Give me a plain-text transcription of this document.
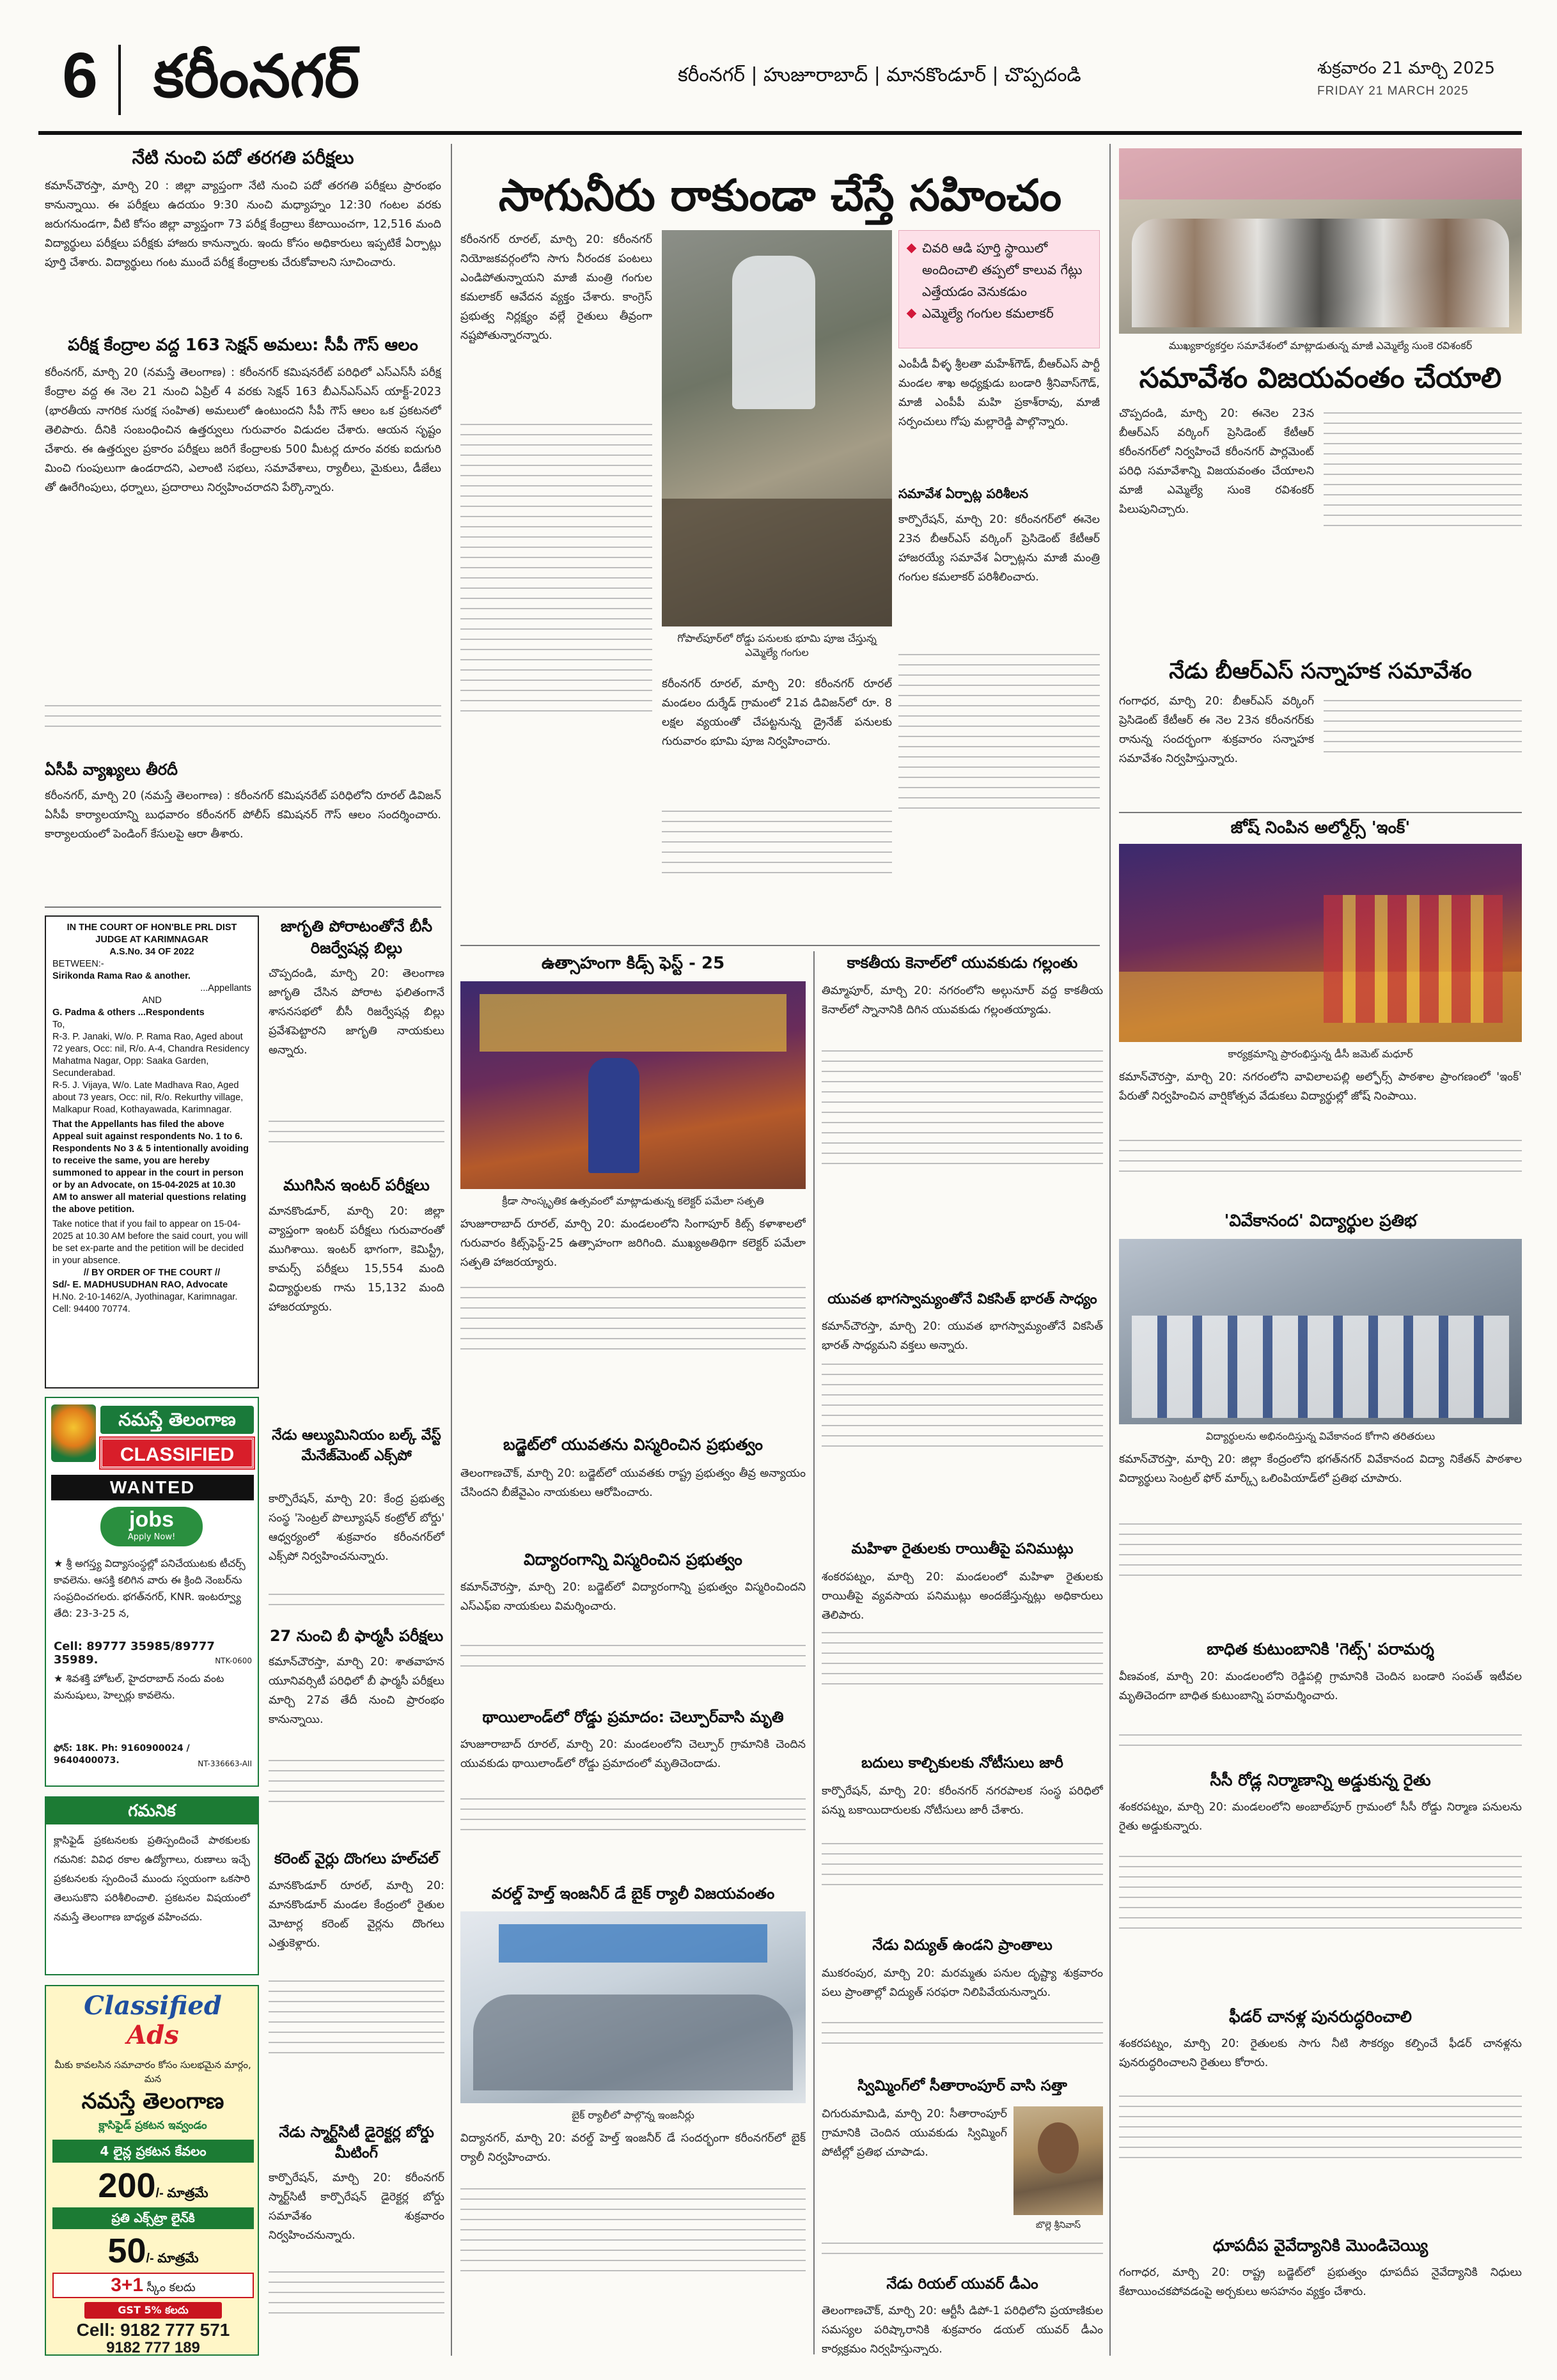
6 కరీంనగర్	కరీంనగర్ | హుజూరాబాద్ | మానకొండూర్ | చొప్పదండి	శుక్రవారం 21 మార్చి 2025
FRIDAY 21 MARCH 2025
నేటి నుంచి పదో తరగతి పరీక్షలు
కమాన్‌చౌరస్తా, మార్చి 20 : జిల్లా వ్యాప్తంగా నేటి నుంచి పదో తరగతి పరీక్షలు ప్రారంభం కానున్నాయి. ఈ పరీక్షలు ఉదయం 9:30 నుంచి మధ్యాహ్నం 12:30 గంటల వరకు జరుగనుండగా, వీటి కోసం జిల్లా వ్యాప్తంగా 73 పరీక్ష కేంద్రాలు కేటాయించగా, 12,516 మంది విద్యార్థులు పరీక్షలు పరీక్షకు హాజరు కానున్నారు. ఇందు కోసం అధికారులు ఇప్పటికే ఏర్పాట్లు పూర్తి చేశారు. విద్యార్థులు గంట ముందే పరీక్ష కేంద్రాలకు చేరుకోవాలని సూచించారు.
పరీక్ష కేంద్రాల వద్ద 163 సెక్షన్ అమలు: సీపీ గౌస్ ఆలం
కరీంనగర్, మార్చి 20 (నమస్తే తెలంగాణ) : కరీంనగర్ కమిషనరేట్ పరిధిలో ఎస్ఎస్‌సీ పరీక్ష కేంద్రాల వద్ద ఈ నెల 21 నుంచి ఏప్రిల్ 4 వరకు సెక్షన్ 163 బీఎన్ఎస్‌ఎస్ యాక్ట్-2023 (భారతీయ నాగరిక సురక్ష సంహిత) అమలులో ఉంటుందని సీపీ గౌస్ ఆలం ఒక ప్రకటనలో తెలిపారు. దీనికి సంబంధించిన ఉత్తర్వులు గురువారం విడుదల చేశారు. ఆయన సృష్టం చేశారు. ఈ ఉత్తర్వుల ప్రకారం పరీక్షలు జరిగే కేంద్రాలకు 500 మీటర్ల దూరం వరకు ఐదుగురి మించి గుంపులుగా ఉండరాదని, ఎలాంటి సభలు, సమావేశాలు, ర్యాలీలు, మైకులు, డీజేలు తో ఊరేగింపులు, ధర్నాలు, ప్రదారాలు నిర్వహించరాదని పేర్కొన్నారు.
ఏసీపీ వ్యాఖ్యలు తీరదీ
కరీంనగర్, మార్చి 20 (నమస్తే తెలంగాణ) : కరీంనగర్ కమిషనరేట్ పరిధిలోని రూరల్ డివిజన్ ఏసీపీ కార్యాలయాన్ని బుధవారం కరీంనగర్ పోలీస్ కమిషనర్ గౌస్ ఆలం సందర్శించారు. కార్యాలయంలో పెండింగ్ కేసులపై ఆరా తీశారు.
IN THE COURT OF HON'BLE PRL DIST JUDGE AT KARIMNAGAR
A.S.No. 34 OF 2022
BETWEEN:-
Sirikonda Rama Rao & another.
...Appellants
AND
G. Padma & others ...Respondents
To,
R-3. P. Janaki, W/o. P. Rama Rao, Aged about 72 years, Occ: nil, R/o. A-4, Chandra Residency Mahatma Nagar, Opp: Saaka Garden, Secunderabad.
R-5. J. Vijaya, W/o. Late Madhava Rao, Aged about 73 years, Occ: nil, R/o. Rekurthy village, Malkapur Road, Kothayawada, Karimnagar.
That the Appellants has filed the above Appeal suit against respondents No. 1 to 6. Respondents No 3 & 5 intentionally avoiding to receive the same, you are hereby summoned to appear in the court in person or by an Advocate, on 15-04-2025 at 10.30 AM to answer all material questions relating the above petition.
Take notice that if you fail to appear on 15-04-2025 at 10.30 AM before the said court, you will be set ex-parte and the petition will be decided in your absence.
// BY ORDER OF THE COURT //
Sd/- E. MADHUSUDHAN RAO, Advocate
H.No. 2-10-1462/A, Jyothinagar, Karimnagar. Cell: 94400 70774.
నమస్తే తెలంగాణ
CLASSIFIED
WANTED
jobs
Apply Now!
★ శ్రీ అగస్త్య విద్యాసంస్థల్లో పనిచేయుటకు టీచర్స్ కావలెను. ఆసక్తి కలిగిన వారు ఈ క్రింది నెంబర్‌ను సంప్రదించగలరు. భగత్‌నగర్, KNR. ఇంటర్వ్యూ తేది: 23-3-25 న,
Cell: 89777 35985/89777 35989.	NTK-0600
★ శివశక్తి హోటల్, హైదరాబాద్ నందు వంట మనుషులు, హెల్పర్లు కావలెను.
ఫోన్: 18K. Ph: 9160900024 / 9640400073.	NT-336663-AII
గమనిక
క్లాసిఫైడ్ ప్రకటనలకు ప్రతిస్పందించే పాఠకులకు గమనిక: వివిధ రకాల ఉద్యోగాలు, రుణాలు ఇచ్చే ప్రకటనలకు స్పందించే ముందు స్వయంగా ఒకసారి తెలుసుకొని పరిశీలించాలి. ప్రకటనల విషయంలో నమస్తే తెలంగాణ బాధ్యత వహించదు.
Classified
Ads
మీకు కావలసిన సమాచారం కోసం సులభమైన మార్గం, మన
నమస్తే తెలంగాణ
క్లాసిఫైడ్ ప్రకటన ఇవ్వండం
4 లైన్ల ప్రకటన కేవలం
200/- మాత్రమే
ప్రతి ఎక్స్‌ట్రా లైన్‌కి
50/- మాత్రమే
3+1 స్కీం కలదు
GST 5% కలదు
Cell: 9182 777 571
9182 777 189
జాగృతి పోరాటంతోనే బీసీ రిజర్వేషన్ల బిల్లు
చొప్పదండి, మార్చి 20: తెలంగాణ జాగృతి చేసిన పోరాట ఫలితంగానే శాసనసభలో బీసీ రిజర్వేషన్ల బిల్లు ప్రవేశపెట్టారని జాగృతి నాయకులు అన్నారు.
ముగిసిన ఇంటర్ పరీక్షలు
మానకొండూర్, మార్చి 20: జిల్లా వ్యాప్తంగా ఇంటర్ పరీక్షలు గురువారంతో ముగిశాయి. ఇంటర్ భాగంగా, కెమిస్ట్రీ, కామర్స్ పరీక్షలు 15,554 మంది విద్యార్థులకు గాను 15,132 మంది హాజరయ్యారు.
నేడు ఆల్యుమినియం బల్క్ వేస్ట్ మేనేజ్‌మెంట్ ఎక్స్‌పో
కార్పొరేషన్, మార్చి 20: కేంద్ర ప్రభుత్వ సంస్థ 'సెంట్రల్ పొల్యూషన్ కంట్రోల్ బోర్డు' ఆధ్వర్యంలో శుక్రవారం కరీంనగర్‌లో ఎక్స్‌పో నిర్వహించనున్నారు.
27 నుంచి బీ ఫార్మసీ పరీక్షలు
కమాన్‌చౌరస్తా, మార్చి 20: శాతవాహన యూనివర్సిటీ పరిధిలో బీ ఫార్మసీ పరీక్షలు మార్చి 27వ తేదీ నుంచి ప్రారంభం కానున్నాయి.
కరెంట్ వైర్లు దొంగలు హల్‌చల్
మానకొండూర్ రూరల్, మార్చి 20: మానకొండూర్ మండల కేంద్రంలో రైతుల మోటార్ల కరెంట్ వైర్లను దొంగలు ఎత్తుకెళ్లారు.
నేడు స్మార్ట్‌సిటీ డైరెక్టర్ల బోర్డు మీటింగ్
కార్పొరేషన్, మార్చి 20: కరీంనగర్ స్మార్ట్‌సిటీ కార్పొరేషన్ డైరెక్టర్ల బోర్డు సమావేశం శుక్రవారం నిర్వహించనున్నారు.
సాగునీరు రాకుండా చేస్తే సహించం
కరీంనగర్ రూరల్, మార్చి 20: కరీంనగర్ నియోజకవర్గంలోని సాగు నీరందక పంటలు ఎండిపోతున్నాయని మాజీ మంత్రి గంగుల కమలాకర్ ఆవేదన వ్యక్తం చేశారు. కాంగ్రెస్ ప్రభుత్వ నిర్లక్ష్యం వల్లే రైతులు తీవ్రంగా నష్టపోతున్నారన్నారు.
గోపాల్‌పూర్‌లో రోడ్డు పనులకు భూమి పూజ చేస్తున్న ఎమ్మెల్యే గంగుల
చివరి ఆడి పూర్తి స్థాయిలో అందించాలి తప్పలో కాలువ గేట్లు ఎత్తేయడం వెనుకడుం
ఎమ్మెల్యే గంగుల కమలాకర్
ఎంపీడీ వీళ్ళ శ్రీలతా మహేశ్‌గౌడ్, బీఆర్‌ఎస్ పార్టీ మండల శాఖ అధ్యక్షుడు బండారి శ్రీనివాస్‌గౌడ్, మాజీ ఎంపీపీ మహి ప్రకాశ్‌రావు, మాజీ సర్పంచులు గోపు మల్లారెడ్డి పాల్గొన్నారు.
సమావేశ ఏర్పాట్ల పరిశీలన
కార్పొరేషన్, మార్చి 20: కరీంనగర్‌లో ఈనెల 23న బీఆర్‌ఎస్ వర్కింగ్ ప్రెసిడెంట్ కేటీఆర్ హాజరయ్యే సమావేశ ఏర్పాట్లను మాజీ మంత్రి గంగుల కమలాకర్ పరిశీలించారు.
కరీంనగర్ రూరల్, మార్చి 20: కరీంనగర్ రూరల్ మండలం దుర్శేడ్ గ్రామంలో 21వ డివిజన్‌లో రూ. 8 లక్షల వ్యయంతో చేపట్టనున్న డ్రైనేజ్ పనులకు గురువారం భూమి పూజ నిర్వహించారు.
ఉత్సాహంగా కిడ్స్ ఫెస్ట్ - 25
క్రీడా సాంస్కృతిక ఉత్సవంలో మాట్లాడుతున్న కలెక్టర్ పమేలా సత్పతి
హుజూరాబాద్ రూరల్, మార్చి 20: మండలంలోని సింగాపూర్ కిట్స్ కళాశాలలో గురువారం కిట్స్‌ఫెస్ట్-25 ఉత్సాహంగా జరిగింది. ముఖ్యఅతిథిగా కలెక్టర్ పమేలా సత్పతి హాజరయ్యారు.
బడ్జెట్‌లో యువతను విస్మరించిన ప్రభుత్వం
తెలంగాణచౌక్, మార్చి 20: బడ్జెట్‌లో యువతకు రాష్ట్ర ప్రభుత్వం తీవ్ర అన్యాయం చేసిందని బీజేవైఎం నాయకులు ఆరోపించారు.
విద్యారంగాన్ని విస్మరించిన ప్రభుత్వం
కమాన్‌చౌరస్తా, మార్చి 20: బడ్జెట్‌లో విద్యారంగాన్ని ప్రభుత్వం విస్మరించిందని ఎస్ఎఫ్‌ఐ నాయకులు విమర్శించారు.
థాయిలాండ్‌లో రోడ్డు ప్రమాదం: చెల్పూర్‌వాసి మృతి
హుజూరాబాద్ రూరల్, మార్చి 20: మండలంలోని చెల్పూర్ గ్రామానికి చెందిన యువకుడు థాయిలాండ్‌లో రోడ్డు ప్రమాదంలో మృతిచెందాడు.
వరల్డ్ హెల్త్ ఇంజనీర్ డే బైక్ ర్యాలీ విజయవంతం
బైక్ ర్యాలీలో పాల్గొన్న ఇంజనీర్లు
విద్యానగర్, మార్చి 20: వరల్డ్ హెల్త్ ఇంజనీర్ డే సందర్భంగా కరీంనగర్‌లో బైక్ ర్యాలీ నిర్వహించారు.
కాకతీయ కెనాల్‌లో యువకుడు గల్లంతు
తిమ్మాపూర్, మార్చి 20: నగరంలోని అల్గునూర్ వద్ద కాకతీయ కెనాల్‌లో స్నానానికి దిగిన యువకుడు గల్లంతయ్యాడు.
యువత భాగస్వామ్యంతోనే వికసిత్ భారత్ సాధ్యం
కమాన్‌చౌరస్తా, మార్చి 20: యువత భాగస్వామ్యంతోనే వికసిత్ భారత్ సాధ్యమని వక్తలు అన్నారు.
మహిళా రైతులకు రాయితీపై పనిముట్లు
శంకరపట్నం, మార్చి 20: మండలంలో మహిళా రైతులకు రాయితీపై వ్యవసాయ పనిముట్లు అందజేస్తున్నట్లు అధికారులు తెలిపారు.
బదులు కాల్చికులకు నోటీసులు జారీ
కార్పొరేషన్, మార్చి 20: కరీంనగర్ నగరపాలక సంస్థ పరిధిలో పన్ను బకాయిదారులకు నోటీసులు జారీ చేశారు.
నేడు విద్యుత్ ఉండని ప్రాంతాలు
ముకరంపుర, మార్చి 20: మరమ్మతు పనుల దృష్ట్యా శుక్రవారం పలు ప్రాంతాల్లో విద్యుత్ సరఫరా నిలిపివేయనున్నారు.
స్విమ్మింగ్‌లో సీతారాంపూర్ వాసి సత్తా
చిగురుమామిడి, మార్చి 20: సీతారాంపూర్ గ్రామానికి చెందిన యువకుడు స్విమ్మింగ్ పోటీల్లో ప్రతిభ చూపాడు.
బొల్లె శ్రీనివాస్
నేడు రియల్ యువర్ డీఎం
తెలంగాణచౌక్, మార్చి 20: ఆర్టీసీ డిపో-1 పరిధిలోని ప్రయాణికుల సమస్యల పరిష్కారానికి శుక్రవారం డయల్ యువర్ డీఎం కార్యక్రమం నిర్వహిస్తున్నారు.
ముఖ్యకార్యకర్తల సమావేశంలో మాట్లాడుతున్న మాజీ ఎమ్మెల్యే సుంకె రవిశంకర్
సమావేశం విజయవంతం చేయాలి
చొప్పదండి, మార్చి 20: ఈనెల 23న బీఆర్‌ఎస్ వర్కింగ్ ప్రెసిడెంట్ కేటీఆర్ కరీంనగర్‌లో నిర్వహించే కరీంనగర్ పార్లమెంట్ పరిధి సమావేశాన్ని విజయవంతం చేయాలని మాజీ ఎమ్మెల్యే సుంకె రవిశంకర్ పిలుపునిచ్చారు.
నేడు బీఆర్‌ఎస్ సన్నాహక సమావేశం
గంగాధర, మార్చి 20: బీఆర్‌ఎస్ వర్కింగ్ ప్రెసిడెంట్ కేటీఆర్ ఈ నెల 23న కరీంనగర్‌కు రానున్న సందర్భంగా శుక్రవారం సన్నాహక సమావేశం నిర్వహిస్తున్నారు.
జోష్ నింపిన అల్మోర్స్ 'ఇంక్'
కార్యక్రమాన్ని ప్రారంభిస్తున్న డీసీ జమెట్ మధూర్
కమాన్‌చౌరస్తా, మార్చి 20: నగరంలోని వావిలాలపల్లి అల్ఫోర్స్ పాఠశాల ప్రాంగణంలో 'ఇంక్' పేరుతో నిర్వహించిన వార్షికోత్సవ వేడుకలు విద్యార్థుల్లో జోష్ నింపాయి.
'వివేకానంద' విద్యార్థుల ప్రతిభ
విద్యార్థులను అభినందిస్తున్న వివేకానంద కోగాని తరితరులు
కమాన్‌చౌరస్తా, మార్చి 20: జిల్లా కేంద్రంలోని భగత్‌నగర్ వివేకానంద విద్యా నికేతన్ పాఠశాల విద్యార్థులు సెంట్రల్ ఫోర్ మార్క్స్ ఒలింపియాడ్‌లో ప్రతిభ చూపారు.
బాధిత కుటుంబానికి 'గెట్స్' పరామర్శ
వీణవంక, మార్చి 20: మండలంలోని రెడ్డిపల్లి గ్రామానికి చెందిన బండారి సంపత్ ఇటీవల మృతిచెందగా బాధిత కుటుంబాన్ని పరామర్శించారు.
సీసీ రోడ్ల నిర్మాణాన్ని అడ్డుకున్న రైతు
శంకరపట్నం, మార్చి 20: మండలంలోని అంబాల్‌పూర్ గ్రామంలో సీసీ రోడ్డు నిర్మాణ పనులను రైతు అడ్డుకున్నారు.
ఫీడర్ చానళ్ల పునరుద్ధరించాలి
శంకరపట్నం, మార్చి 20: రైతులకు సాగు నీటి సౌకర్యం కల్పించే ఫీడర్ చానళ్లను పునరుద్ధరించాలని రైతులు కోరారు.
ధూపదీప వైవేద్యానికి మొండిచెయ్యి
గంగాధర, మార్చి 20: రాష్ట్ర బడ్జెట్‌లో ప్రభుత్వం ధూపదీప నైవేద్యానికి నిధులు కేటాయించకపోవడంపై అర్చకులు అసహనం వ్యక్తం చేశారు.
